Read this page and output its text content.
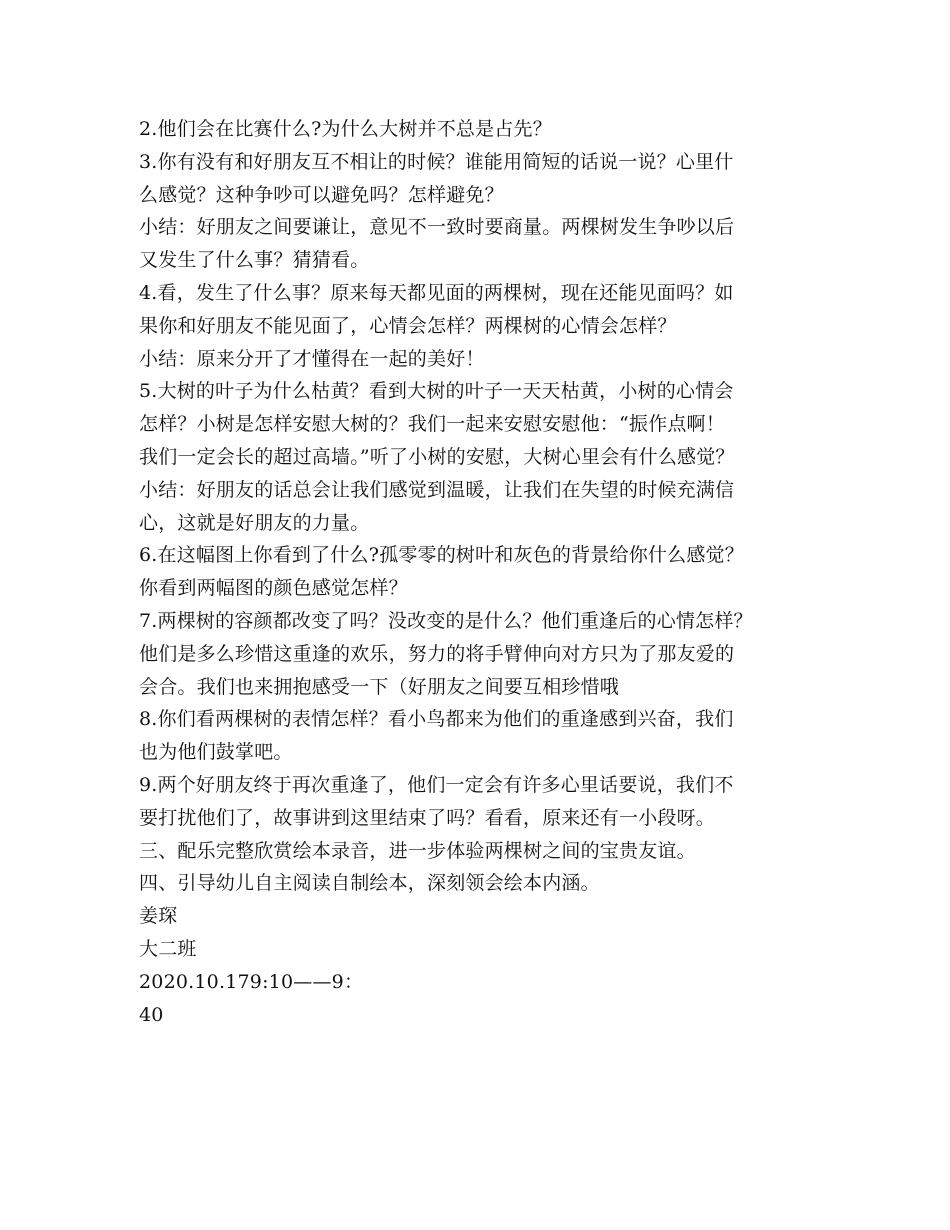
2.他们会在比赛什么?为什么大树并不总是占先？
3.你有没有和好朋友互不相让的时候？谁能用简短的话说一说？心里什
么感觉？这种争吵可以避免吗？怎样避免？
小结：好朋友之间要谦让，意见不一致时要商量。两棵树发生争吵以后
又发生了什么事？猜猜看。
4.看，发生了什么事？原来每天都见面的两棵树，现在还能见面吗？如
果你和好朋友不能见面了，心情会怎样？两棵树的心情会怎样？
小结：原来分开了才懂得在一起的美好！
5.大树的叶子为什么枯黄？看到大树的叶子一天天枯黄，小树的心情会
怎样？小树是怎样安慰大树的？我们一起来安慰安慰他：“振作点啊！
我们一定会长的超过高墙。”听了小树的安慰，大树心里会有什么感觉？
小结：好朋友的话总会让我们感觉到温暖，让我们在失望的时候充满信
心，这就是好朋友的力量。
6.在这幅图上你看到了什么?孤零零的树叶和灰色的背景给你什么感觉？
你看到两幅图的颜色感觉怎样？
7.两棵树的容颜都改变了吗？没改变的是什么？他们重逢后的心情怎样？
他们是多么珍惜这重逢的欢乐，努力的将手臂伸向对方只为了那友爱的
会合。我们也来拥抱感受一下（好朋友之间要互相珍惜哦
8.你们看两棵树的表情怎样？看小鸟都来为他们的重逢感到兴奋，我们
也为他们鼓掌吧。
9.两个好朋友终于再次重逢了，他们一定会有许多心里话要说，我们不
要打扰他们了，故事讲到这里结束了吗？看看，原来还有一小段呀。
三、配乐完整欣赏绘本录音，进一步体验两棵树之间的宝贵友谊。
四、引导幼儿自主阅读自制绘本，深刻领会绘本内涵。
姜琛
大二班
2020.10.179:10——9：
40
